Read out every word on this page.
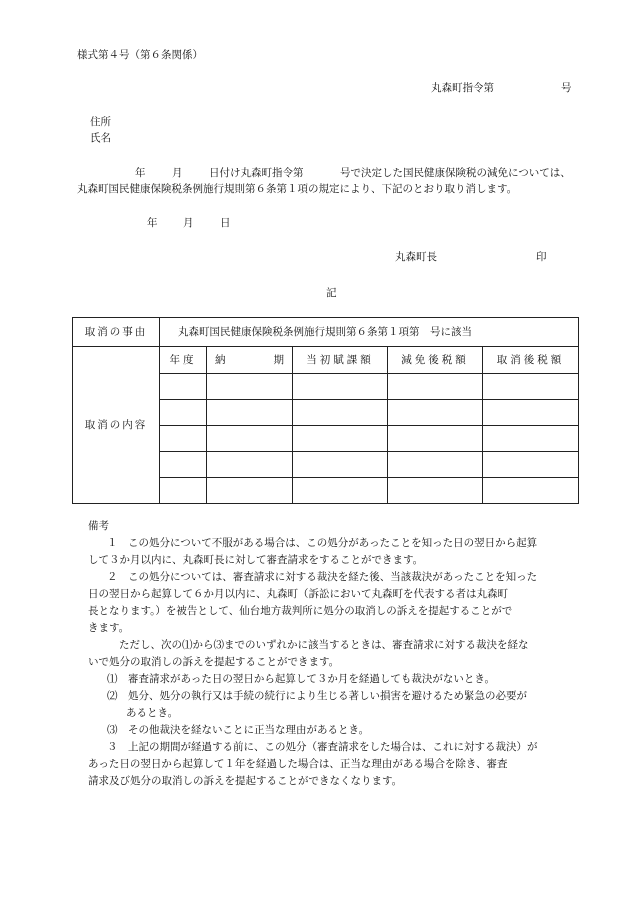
様式第４号（第６条関係）
丸森町指令第	号
住所
氏名
年	月	日付け丸森町指令第	号で決定した国民健康保険税の減免については、
丸森町国民健康保険税条例施行規則第６条第１項の規定により、下記のとおり取り消します。
年 月	日
丸森町長	印
記
取消の事由	丸森町国民健康保険税条例施行規則第６条第１項第　号に該当				
取消の内容	年度	納 期	当初賦課額	減免後税額	取消後税額

備考
１　この処分について不服がある場合は、この処分があったことを知った日の翌日から起算
して３か月以内に、丸森町長に対して審査請求をすることができます。
２　この処分については、審査請求に対する裁決を経た後、当該裁決があったことを知った
日の翌日から起算して６か月以内に、丸森町（訴訟において丸森町を代表する者は丸森町
長となります。）を被告として、仙台地方裁判所に処分の取消しの訴えを提起することがで
きます。
ただし、次の⑴から⑶までのいずれかに該当するときは、審査請求に対する裁決を経な
いで処分の取消しの訴えを提起することができます。
⑴　審査請求があった日の翌日から起算して３か月を経過しても裁決がないとき。
⑵　処分、処分の執行又は手続の続行により生じる著しい損害を避けるため緊急の必要が
あるとき。
⑶　その他裁決を経ないことに正当な理由があるとき。
３　上記の期間が経過する前に、この処分（審査請求をした場合は、これに対する裁決）が
あった日の翌日から起算して１年を経過した場合は、正当な理由がある場合を除き、審査
請求及び処分の取消しの訴えを提起することができなくなります。
